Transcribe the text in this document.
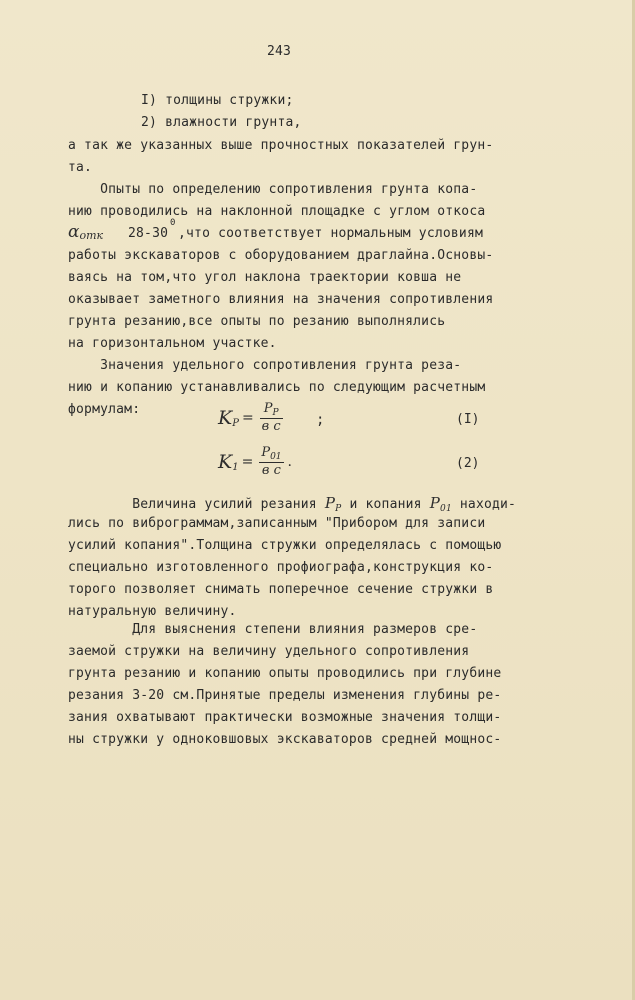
243
I) толщины стружки;
2) влажности грунта,
а так же указанных выше прочностных показателей грун-
та.
Опыты по определению сопротивления грунта копа-
нию проводились на наклонной площадке с углом откоса
αотк 28-30
0
,что соответствует нормальным условиям
работы экскаваторов с оборудованием драглайна.Основы-
ваясь на том,что угол наклона траектории ковша не
оказывает заметного влияния на значения сопротивления
грунта резанию,все опыты по резанию выполнялись
на горизонтальном участке.
Значения удельного сопротивления грунта реза-
нию и копанию устанавливались по следующим расчетным
формулам:	K $P = \frac{P_P}{\text{в с}}$ ;	(I)
K $1 = \frac{P_{01}}{\text{в с}}$ .	(2)
Величина усилий резания $P_P$ и копания $P_{01}$ находи-
лись по виброграммам,записанным "Прибором для записи
усилий копания".Толщина стружки определялась с помощью
специально изготовленного профиографа,конструкция ко-
торого позволяет снимать поперечное сечение стружки в
натуральную величину.
Для выяснения степени влияния размеров сре-
заемой стружки на величину удельного сопротивления
грунта резанию и копанию опыты проводились при глубине
резания 3-20 см.Принятые пределы изменения глубины ре-
зания охватывают практически возможные значения толщи-
ны стружки у одноковшовых экскаваторов средней мощнос-
